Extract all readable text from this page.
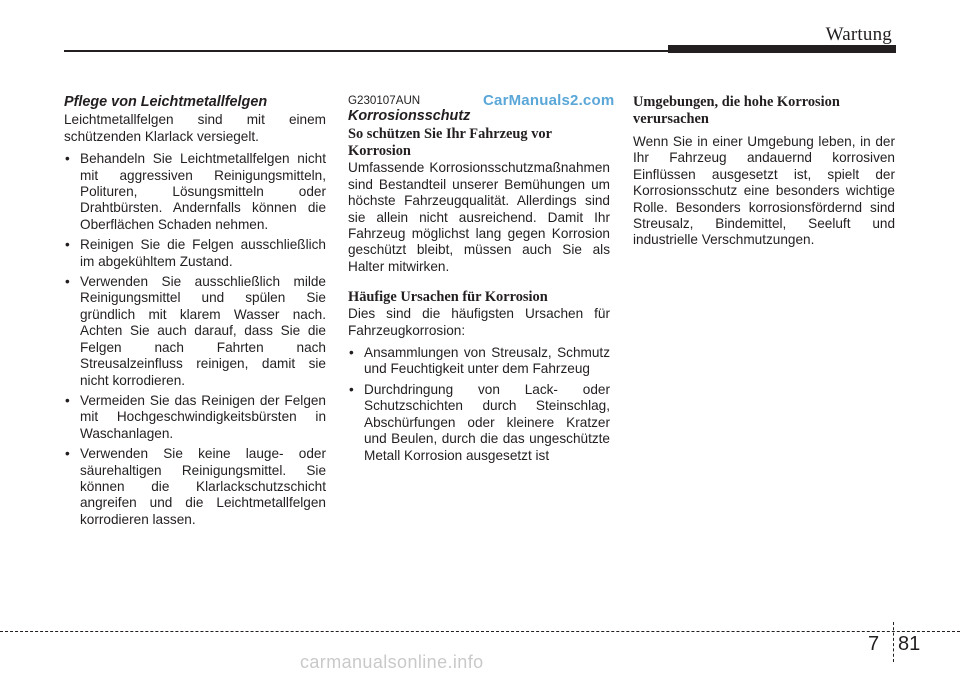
Wartung
CarManuals2.com

Pflege von Leichtmetallfelgen

Leichtmetallfelgen sind mit einem schützenden Klarlack versiegelt.

• Behandeln Sie Leichtmetallfelgen nicht mit aggressiven Reinigungsmitteln, Polituren, Lösungsmitteln oder Drahtbürsten. Andernfalls können die Oberflächen Schaden nehmen.
• Reinigen Sie die Felgen ausschließlich im abgekühltem Zustand.
• Verwenden Sie ausschließlich milde Reinigungsmittel und spülen Sie gründlich mit klarem Wasser nach. Achten Sie auch darauf, dass Sie die Felgen nach Fahrten nach Streusalzeinfluss reinigen, damit sie nicht korrodieren.
• Vermeiden Sie das Reinigen der Felgen mit Hochgeschwindigkeitsbürsten in Waschanlagen.
• Verwenden Sie keine lauge- oder säurehaltigen Reinigungsmittel. Sie können die Klarlackschutzschicht angreifen und die Leichtmetallfelgen korrodieren lassen.

G230107AUN

Korrosionsschutz

So schützen Sie Ihr Fahrzeug vor Korrosion

Umfassende Korrosionsschutzmaßnahmen sind Bestandteil unserer Bemühungen um höchste Fahrzeugqualität. Allerdings sind sie allein nicht ausreichend. Damit Ihr Fahrzeug möglichst lang gegen Korrosion geschützt bleibt, müssen auch Sie als Halter mitwirken.

Häufige Ursachen für Korrosion

Dies sind die häufigsten Ursachen für Fahrzeugkorrosion:

• Ansammlungen von Streusalz, Schmutz und Feuchtigkeit unter dem Fahrzeug
• Durchdringung von Lack- oder Schutzschichten durch Steinschlag, Abschürfungen oder kleinere Kratzer und Beulen, durch die das ungeschützte Metall Korrosion ausgesetzt ist

Umgebungen, die hohe Korrosion verursachen

Wenn Sie in einer Umgebung leben, in der Ihr Fahrzeug andauernd korrosiven Einflüssen ausgesetzt ist, spielt der Korrosionsschutz eine besonders wichtige Rolle. Besonders korrosionsfördernd sind Streusalz, Bindemittel, Seeluft und industrielle Verschmutzungen.

7 81
carmanualsonline.info
